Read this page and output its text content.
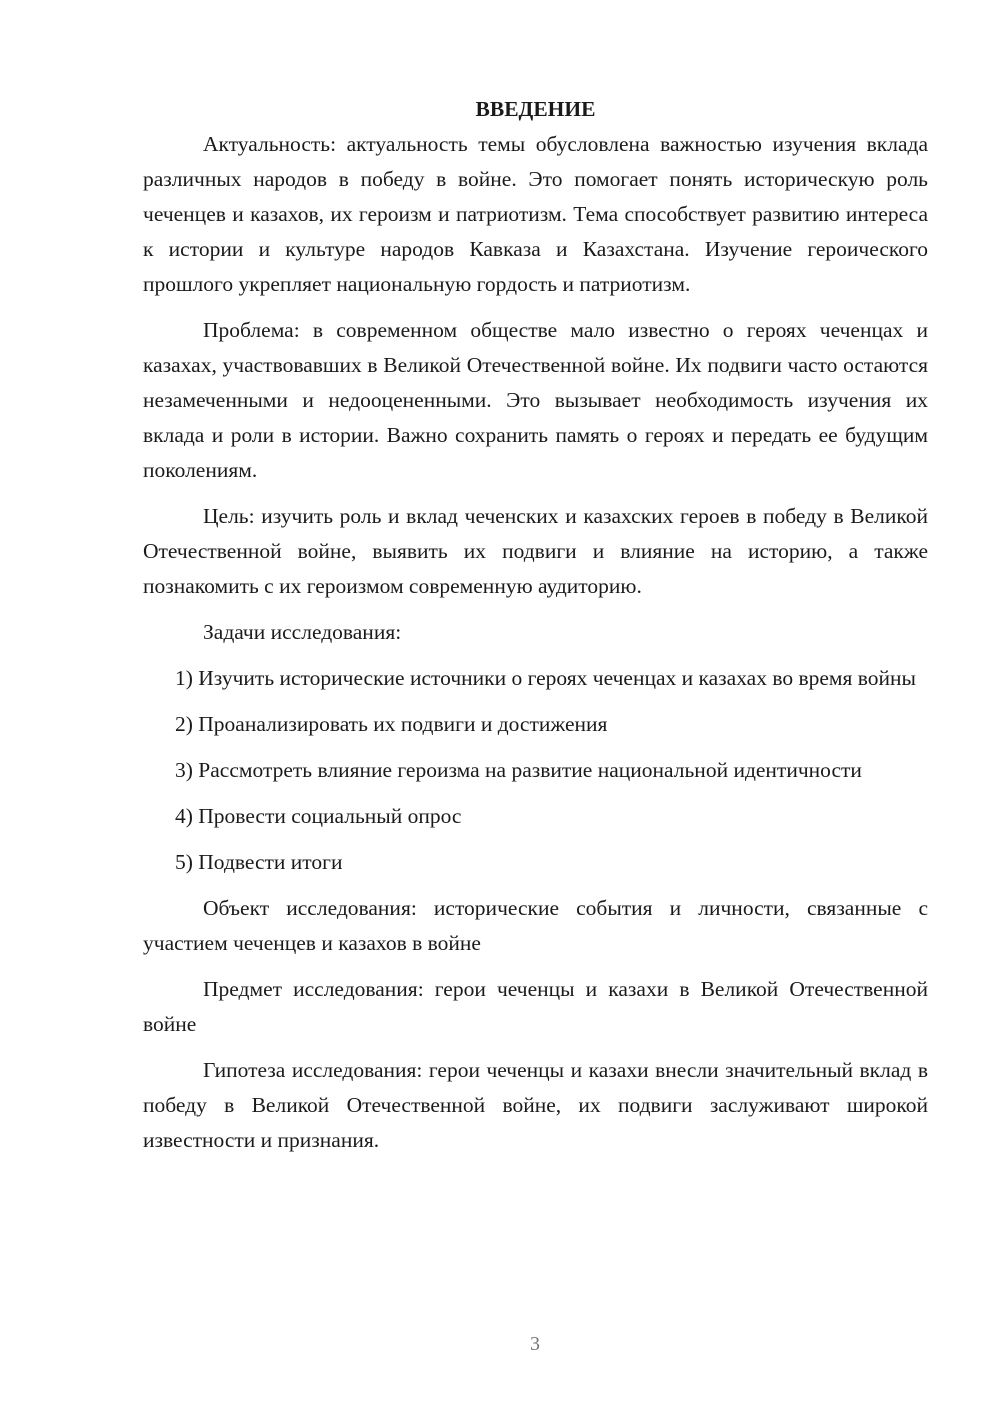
ВВЕДЕНИЕ

Актуальность: актуальность темы обусловлена важностью изучения вклада различных народов в победу в войне. Это помогает понять историческую роль чеченцев и казахов, их героизм и патриотизм. Тема способствует развитию интереса к истории и культуре народов Кавказа и Казахстана. Изучение героического прошлого укрепляет национальную гордость и патриотизм.

Проблема: в современном обществе мало известно о героях чеченцах и казахах, участвовавших в Великой Отечественной войне. Их подвиги часто остаются незамеченными и недооцененными. Это вызывает необходимость изучения их вклада и роли в истории. Важно сохранить память о героях и передать ее будущим поколениям.

Цель: изучить роль и вклад чеченских и казахских героев в победу в Великой Отечественной войне, выявить их подвиги и влияние на историю, а также познакомить с их героизмом современную аудиторию.

Задачи исследования:

1) Изучить исторические источники о героях чеченцах и казахах во время войны

2) Проанализировать их подвиги и достижения

3) Рассмотреть влияние героизма на развитие национальной идентичности

4) Провести социальный опрос

5) Подвести итоги

Объект исследования: исторические события и личности, связанные с участием чеченцев и казахов в войне

Предмет исследования: герои чеченцы и казахи в Великой Отечественной войне

Гипотеза исследования: герои чеченцы и казахи внесли значительный вклад в победу в Великой Отечественной войне, их подвиги заслуживают широкой известности и признания.

3
